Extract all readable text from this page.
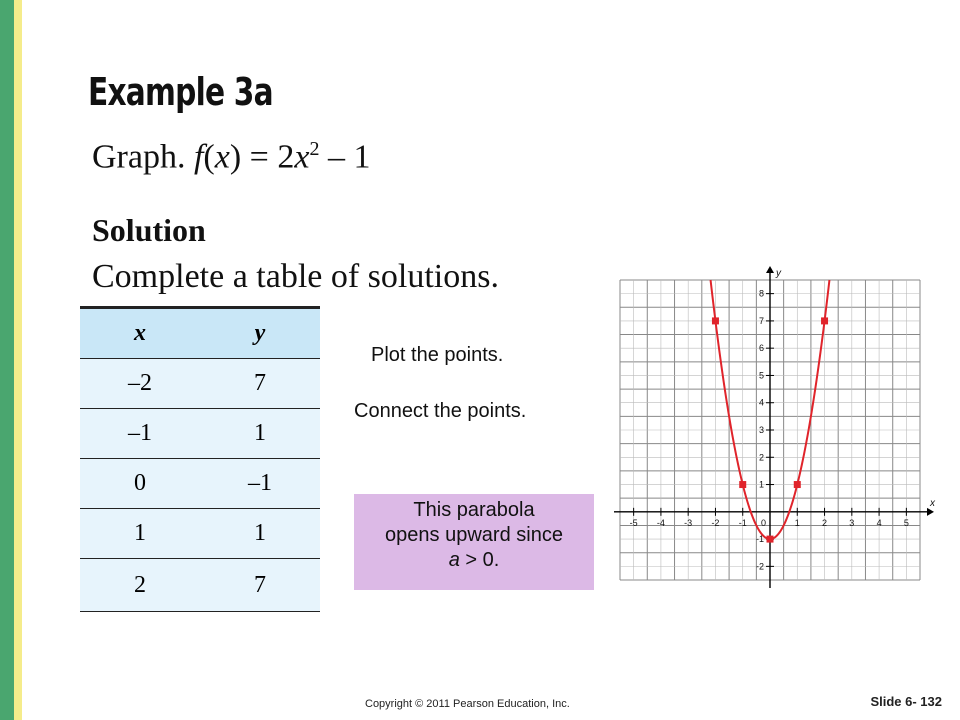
Example 3a
Graph. $f(x) = 2x^2 - 1$
Solution
Complete a table of solutions.
x	y
–2	7
–1	1
0	–1
1	1
2	7
Plot the points.
Connect the points.
This parabola
opens upward since
a > 0.
-5 -4 -3 -2 -1	1 2 3 4 5
8
7
6
5
4
3
2
1
-1
-2
0
x
y
Copyright © 2011 Pearson Education, Inc.	Slide 6- 132
